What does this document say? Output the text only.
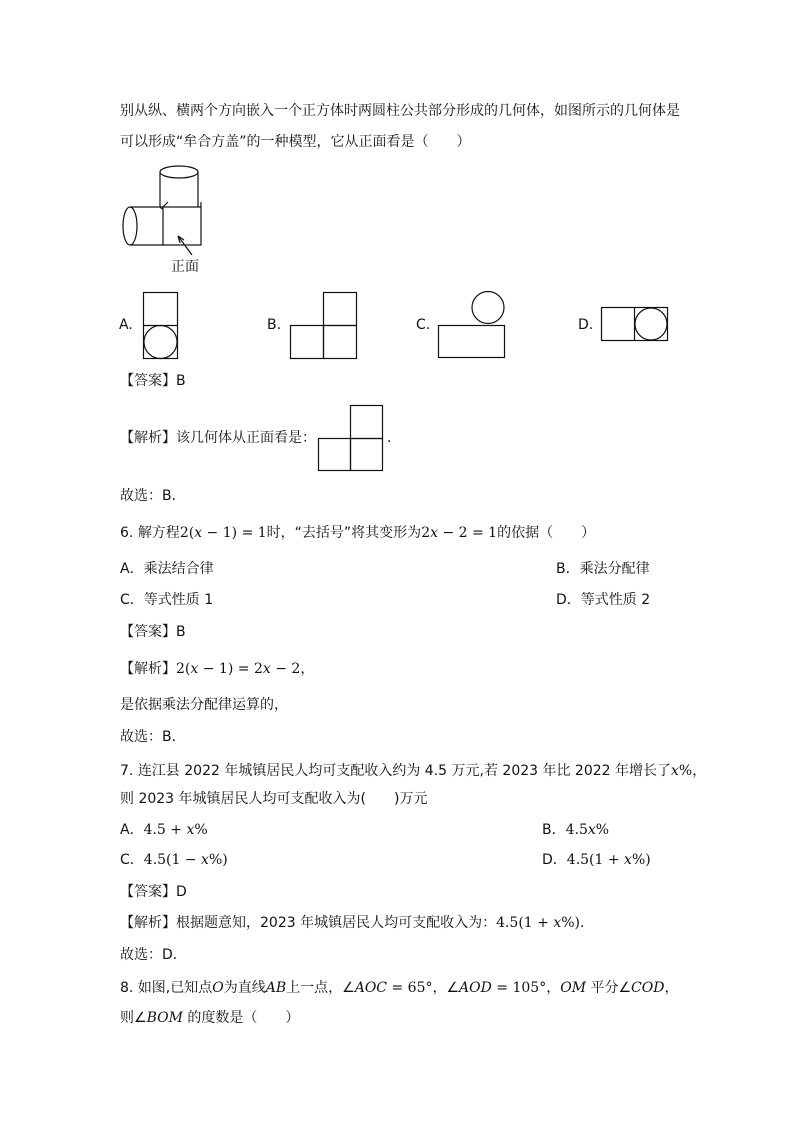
别从纵、横两个方向嵌入一个正方体时两圆柱公共部分形成的几何体，如图所示的几何体是
可以形成“牟合方盖”的一种模型，它从正面看是（　　）
正面
A.	B.	C.	D.
【答案】B
【解析】该几何体从正面看是：	.
故选：B．
6. 解方程2(x − 1) = 1时，“去括号”将其变形为2x − 2 = 1的依据（　　）
A．乘法结合律	B．乘法分配律
C．等式性质 1	D．等式性质 2
【答案】B
【解析】2(x − 1) = 2x − 2，
是依据乘法分配律运算的，
故选：B．
7. 连江县 2022 年城镇居民人均可支配收入约为 4.5 万元,若 2023 年比 2022 年增长了x%，
则 2023 年城镇居民人均可支配收入为(　　)万元
A．4.5 + x%	B．4.5x%
C．4.5(1 − x%)	D．4.5(1 + x%)
【答案】D
【解析】根据题意知，2023 年城镇居民人均可支配收入为：4.5(1 + x%)．
故选：D．
8. 如图,已知点O为直线AB上一点，∠AOC = 65°，∠AOD = 105°，OM 平分∠COD，
则∠BOM 的度数是（　　）
